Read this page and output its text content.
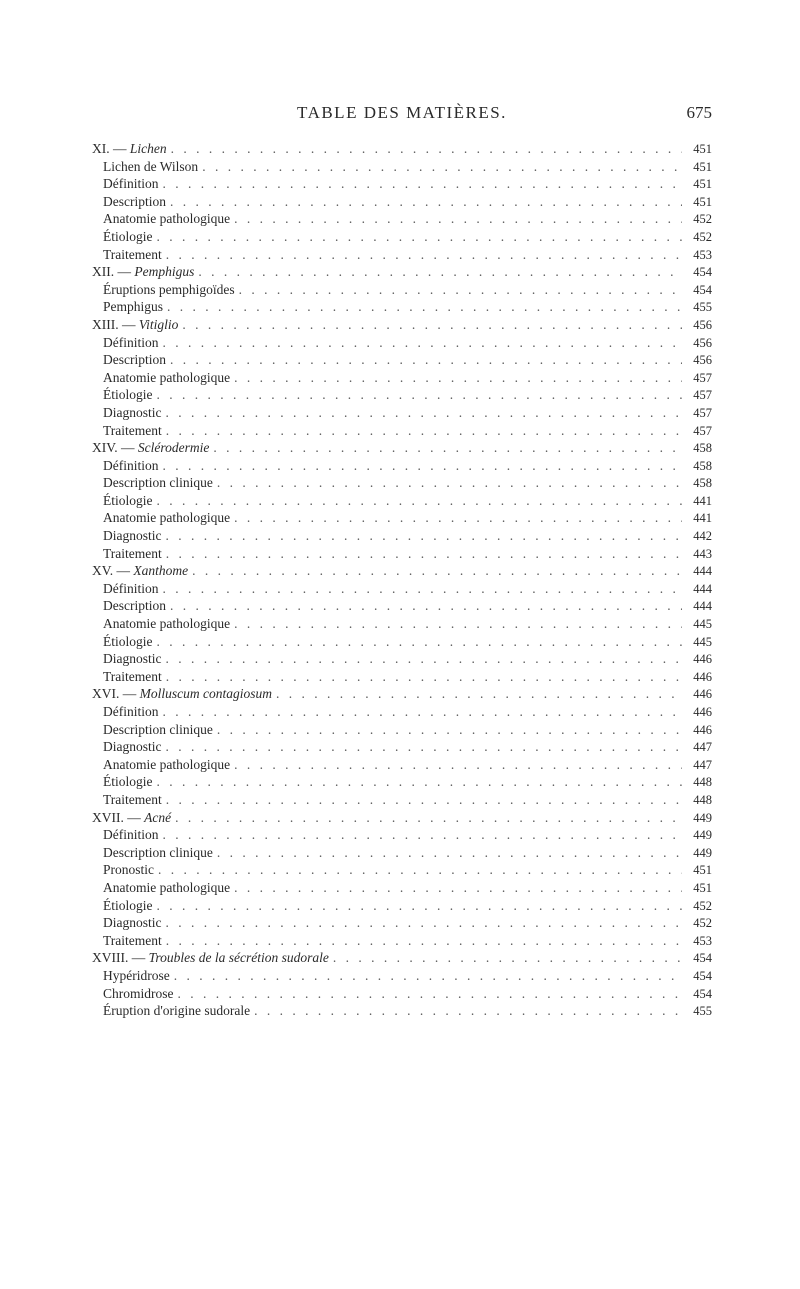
TABLE DES MATIÈRES.	675
XI. — Lichen . . .	451
Lichen de Wilson . . .	451
Définition . . .	451
Description . . .	451
Anatomie pathologique . . .	452
Étiologie . . .	452
Traitement . . .	453
XII. — Pemphigus . . .	454
Éruptions pemphigoïdes . . .	454
Pemphigus . . .	455
XIII. — Vitiglio . . .	456
Définition . . .	456
Description . . .	456
Anatomie pathologique . . .	457
Étiologie . . .	457
Diagnostic . . .	457
Traitement . . .	457
XIV. — Sclérodermie . . .	458
Définition . . .	458
Description clinique . . .	458
Étiologie . . .	441
Anatomie pathologique . . .	441
Diagnostic . . .	442
Traitement . . .	443
XV. — Xanthome . . .	444
Définition . . .	444
Description . . .	444
Anatomie pathologique . . .	445
Étiologie . . .	445
Diagnostic . . .	446
Traitement . . .	446
XVI. — Molluscum contagiosum . . .	446
Définition . . .	446
Description clinique . . .	446
Diagnostic . . .	447
Anatomie pathologique . . .	447
Étiologie . . .	448
Traitement . . .	448
XVII. — Acné . . .	449
Définition . . .	449
Description clinique . . .	449
Pronostic . . .	451
Anatomie pathologique . . .	451
Étiologie . . .	452
Diagnostic . . .	452
Traitement . . .	453
XVIII. — Troubles de la sécrétion sudorale . . .	454
Hypéridrose . . .	454
Chromidrose . . .	454
Éruption d'origine sudorale . . .	455
